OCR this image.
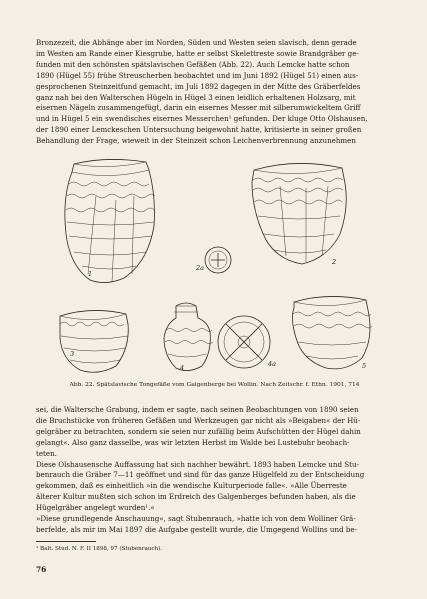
Bronzezeit, die Abhänge aber im Norden, Süden und Westen seien slavisch, denn gerade
im Westen am Rande einer Kiesgrube, hatte er selbst Skelettreste sowie Brandgräber ge-
funden mit den schönsten spätslavischen Gefäßen (Abb. 22). Auch Lemcke hatte schon
1890 (Hügel 55) frühe Streuscherben beobachtet und im Juni 1892 (Hügel 51) einen aus-
gesprochenen Steinzeitfund gemacht, im Juli 1892 dagegen in der Mitte des Gräberfeldes
ganz nah bei den Walterschen Hügeln in Hügel 3 einen leidlich erhaltenen Holzsarg, mit
eisernen Nägeln zusammengefügt, darin ein eisernes Messer mit silberumwickeltem Griff
und in Hügel 5 ein swendisches eisernes Messerchen¹ gefunden. Der kluge Otto Olshausen,
der 1890 einer Lemckeschen Untersuchung beigewohnt hatte, kritisierte in seiner großen
Behandlung der Frage, wieweit in der Steinzeit schon Leichenverbrennung anzunehmen
1
2
2a
3
4	4a	5
Abb. 22. Spätslavische Tongefäße vom Galgenberge bei Wollin. Nach Zeitschr. f. Ethn. 1901, 714
sei, die Waltersche Grabung, indem er sagte, nach seinen Beobachtungen von 1890 seien
die Bruchstücke von früheren Gefäßen und Werkzeugen gar nicht als »Beigaben« der Hü-
gelgräber zu betrachten, sondern sie seien nur zufällig beim Aufschütten der Hügel dahin
gelangt«. Also ganz dasselbe, was wir letzten Herbst im Walde bei Lustebuhr beobach-
teten.
Diese Olshausensche Auffassung hat sich nachher bewährt. 1893 haben Lemcke und Stu-
benrauch die Gräber 7—11 geöffnet und sind für das ganze Hügelfeld zu der Entscheidung
gekommen, daß es einheitlich »in die wendische Kulturperiode falle«. »Alle Überreste
älterer Kultur mußten sich schon im Erdreich des Galgenberges befunden haben, als die
Hügelgräber angelegt wurden¹.«
»Diese grundlegende Anschauung«, sagt Stubenrauch, »hatte ich von dem Wolliner Grä-
berfelde, als mir im Mai 1897 die Aufgabe gestellt wurde, die Umgegend Wollins und be-
¹ Balt. Stud. N. F. II 1898, 97 (Stubenrauch).
76
